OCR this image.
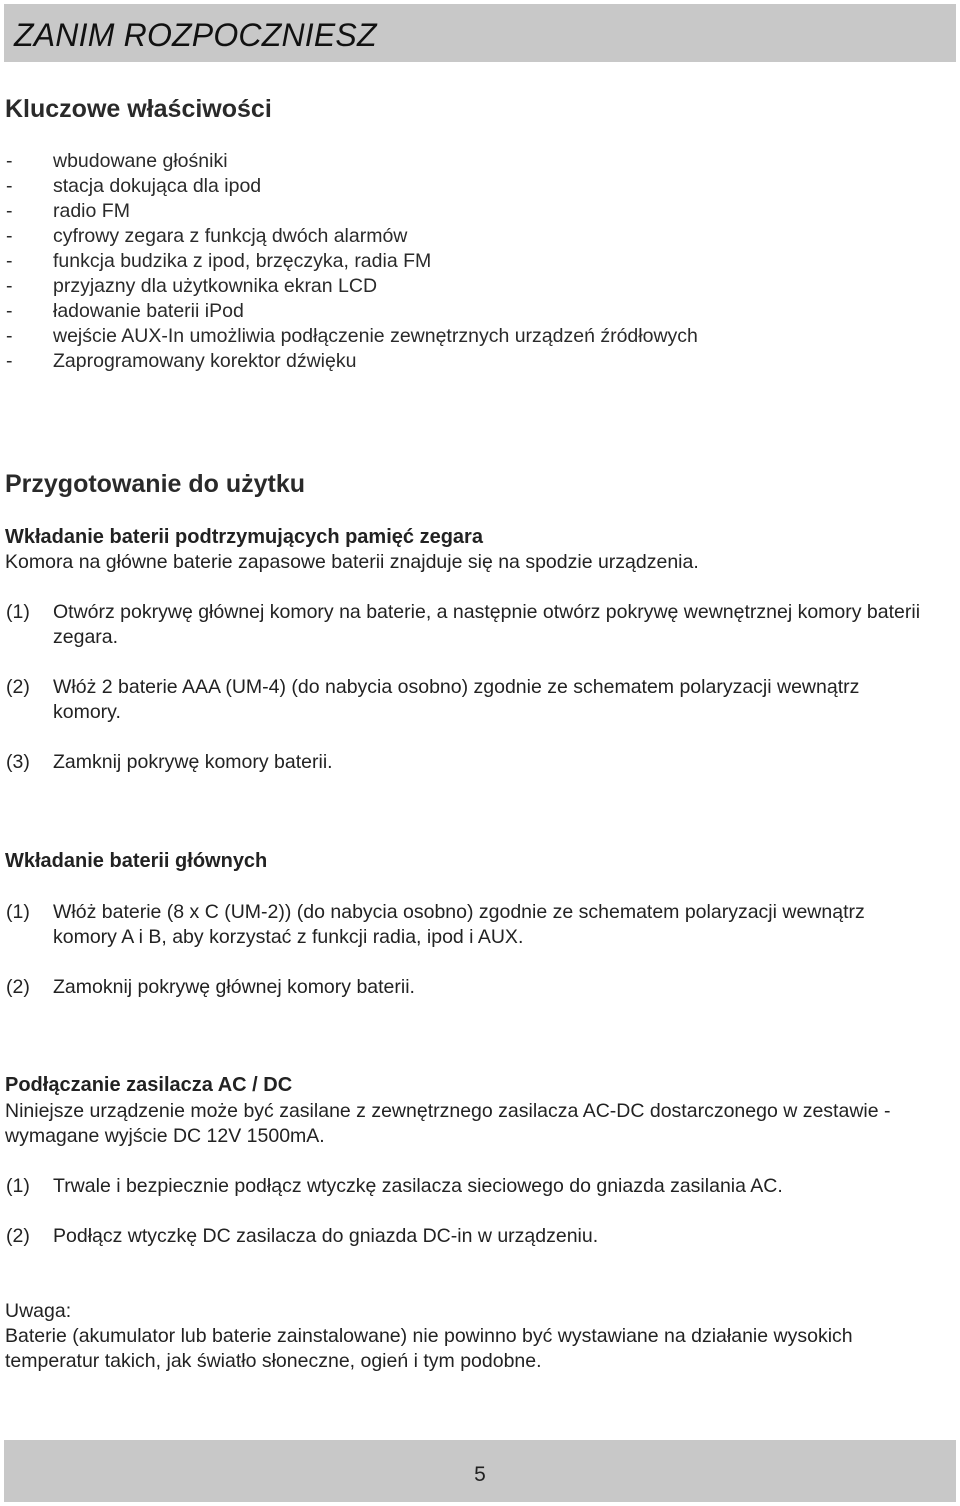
ZANIM ROZPOCZNIESZ
Kluczowe właściwości
- wbudowane głośniki
- stacja dokująca dla ipod
- radio FM
- cyfrowy zegara z funkcją dwóch alarmów
- funkcja budzika z ipod, brzęczyka, radia FM
- przyjazny dla użytkownika ekran LCD
- ładowanie baterii iPod
- wejście AUX-In umożliwia podłączenie zewnętrznych urządzeń źródłowych
- Zaprogramowany korektor dźwięku
Przygotowanie do użytku
Wkładanie baterii podtrzymujących pamięć zegara

Komora na główne baterie zapasowe baterii znajduje się na spodzie urządzenia.

(1) Otwórz pokrywę głównej komory na baterie, a następnie otwórz pokrywę wewnętrznej komory baterii zegara.
(2) Włóż 2 baterie AAA (UM-4) (do nabycia osobno) zgodnie ze schematem polaryzacji wewnątrz komory.
(3) Zamknij pokrywę komory baterii.
Wkładanie baterii głównych
(1) Włóż baterie (8 x C (UM-2)) (do nabycia osobno) zgodnie ze schematem polaryzacji wewnątrz komory A i B, aby korzystać z funkcji radia, ipod i AUX.
(2) Zamoknij pokrywę głównej komory baterii.
Podłączanie zasilacza AC / DC

Niniejsze urządzenie może być zasilane z zewnętrznego zasilacza AC-DC dostarczonego w zestawie - wymagane wyjście DC 12V 1500mA.

(1) Trwale i bezpiecznie podłącz wtyczkę zasilacza sieciowego do gniazda zasilania AC.
(2) Podłącz wtyczkę DC zasilacza do gniazda DC-in w urządzeniu.

Uwaga:

Baterie (akumulator lub baterie zainstalowane) nie powinno być wystawiane na działanie wysokich temperatur takich, jak światło słoneczne, ogień i tym podobne.

5
